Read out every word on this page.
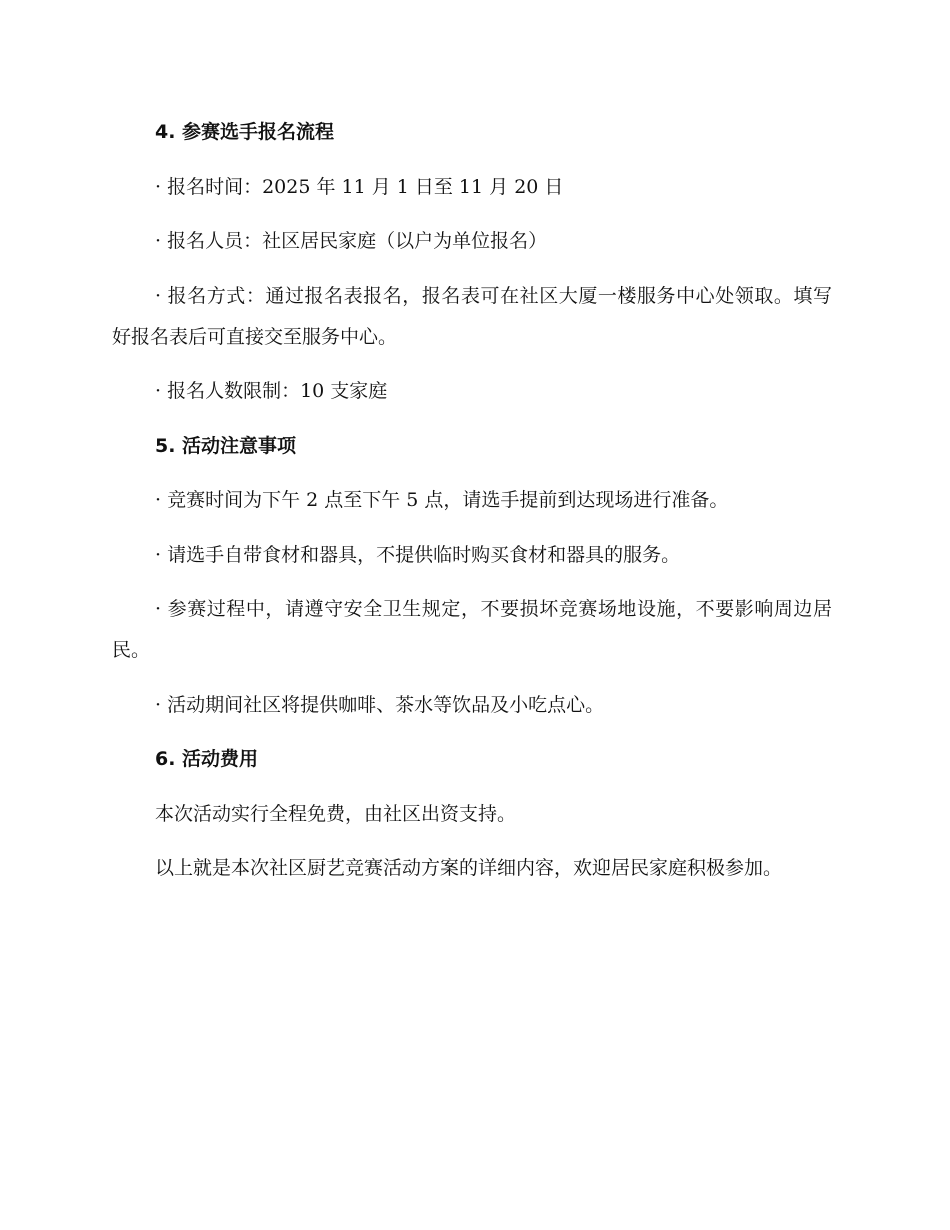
4. 参赛选手报名流程

· 报名时间：2025 年 11 月 1 日至 11 月 20 日

· 报名人员：社区居民家庭（以户为单位报名）

· 报名方式：通过报名表报名，报名表可在社区大厦一楼服务中心处领取。填写好报名表后可直接交至服务中心。

· 报名人数限制：10 支家庭

5. 活动注意事项

· 竞赛时间为下午 2 点至下午 5 点，请选手提前到达现场进行准备。

· 请选手自带食材和器具，不提供临时购买食材和器具的服务。

· 参赛过程中，请遵守安全卫生规定，不要损坏竞赛场地设施，不要影响周边居民。

· 活动期间社区将提供咖啡、茶水等饮品及小吃点心。

6. 活动费用

本次活动实行全程免费，由社区出资支持。

以上就是本次社区厨艺竞赛活动方案的详细内容，欢迎居民家庭积极参加。
